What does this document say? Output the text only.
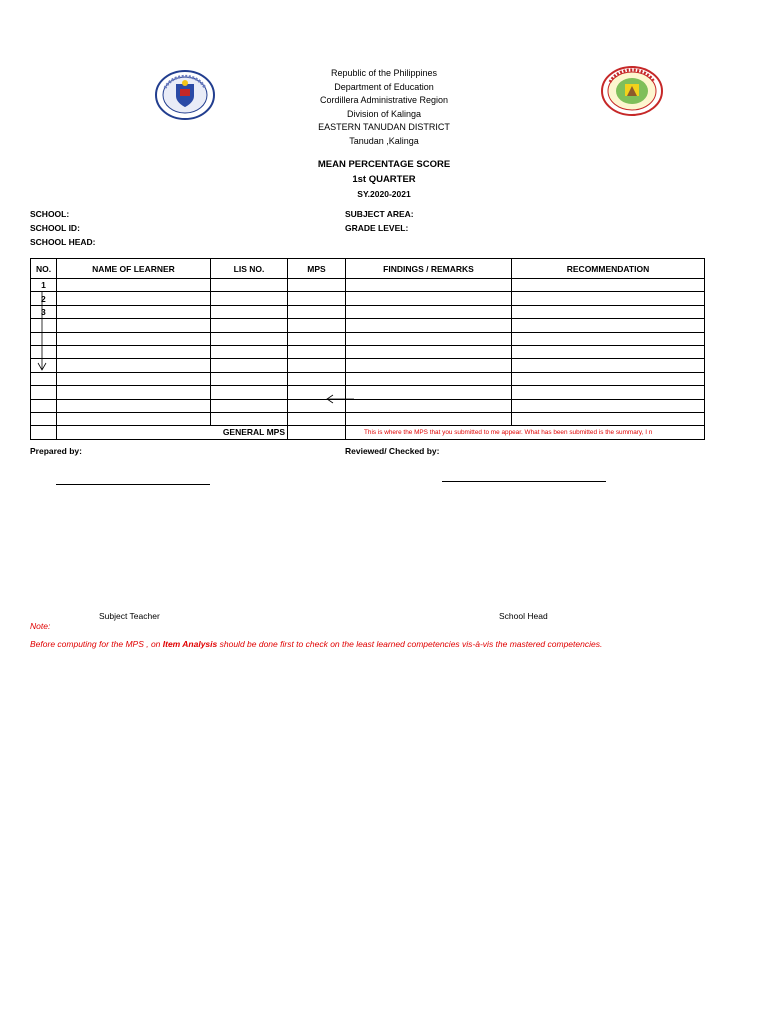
Republic of the Philippines
Department of Education
Cordillera Administrative Region
Division of Kalinga
EASTERN TANUDAN DISTRICT
Tanudan ,Kalinga
MEAN PERCENTAGE SCORE
1st QUARTER
SY.2020-2021
SCHOOL:
SCHOOL ID:
SCHOOL HEAD:
SUBJECT AREA:
GRADE LEVEL:
NO.	NAME OF LEARNER	LIS NO.	MPS	FINDINGS / REMARKS	RECOMMENDATION
1					
2					
3					

	GENERAL MPS			This is where the MPS that you submitted to me appear. What has been submitted is the summary, I n	
Prepared by:	Reviewed/ Checked by:
Subject Teacher	School Head
Note:
Before computing for the MPS , on Item Analysis should be done first to check on the least learned competencies vis-à-vis the mastered competencies.
